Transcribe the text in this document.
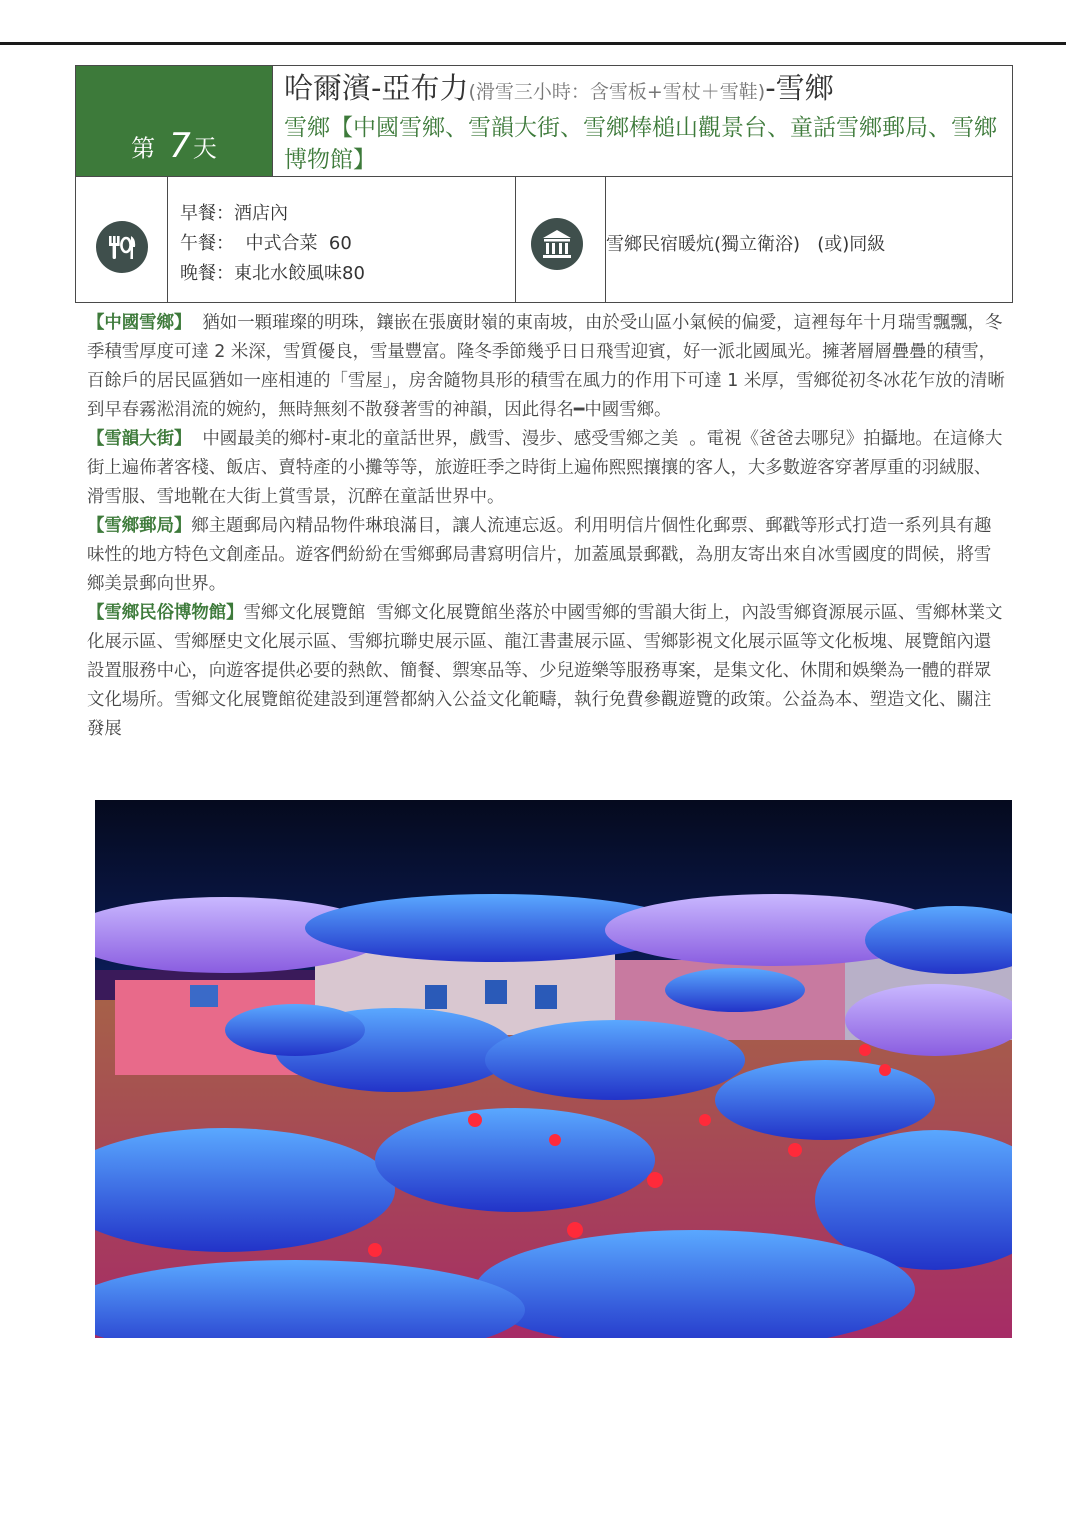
第 7天
哈爾濱-亞布力(滑雪三小時：含雪板+雪杖＋雪鞋)-雪鄉
雪鄉【中國雪鄉、雪韻大街、雪鄉棒槌山觀景台、童話雪鄉郵局、雪鄉博物館】
早餐：酒店內
午餐：  中式合菜  60
晚餐：東北水餃風味80
雪鄉民宿暖炕(獨立衛浴)   (或)同級

【中國雪鄉】  猶如一顆璀璨的明珠，鑲嵌在張廣財嶺的東南坡，由於受山區小氣候的偏愛，這裡每年十月瑞雪飄飄，冬季積雪厚度可達 2 米深，雪質優良，雪量豐富。隆冬季節幾乎日日飛雪迎賓，好一派北國風光。擁著層層疊疊的積雪，百餘戶的居民區猶如一座相連的「雪屋」，房舍隨物具形的積雪在風力的作用下可達 1 米厚，雪鄉從初冬冰花乍放的清晰到早春霧淞涓流的婉約，無時無刻不散發著雪的神韻，因此得名━中國雪鄉。

【雪韻大街】  中國最美的鄉村-東北的童話世界，戲雪、漫步、感受雪鄉之美  。電視《爸爸去哪兒》拍攝地。在這條大街上遍佈著客棧、飯店、賣特產的小攤等等，旅遊旺季之時街上遍佈熙熙攘攘的客人，大多數遊客穿著厚重的羽絨服、滑雪服、雪地靴在大街上賞雪景，沉醉在童話世界中。

【雪鄉郵局】鄉主題郵局內精品物件琳琅滿目，讓人流連忘返。利用明信片個性化郵票、郵戳等形式打造一系列具有趣味性的地方特色文創產品。遊客們紛紛在雪鄉郵局書寫明信片，加蓋風景郵戳，為朋友寄出來自冰雪國度的問候，將雪鄉美景郵向世界。

【雪鄉民俗博物館】雪鄉文化展覽館  雪鄉文化展覽館坐落於中國雪鄉的雪韻大街上，內設雪鄉資源展示區、雪鄉林業文化展示區、雪鄉歷史文化展示區、雪鄉抗聯史展示區、龍江書畫展示區、雪鄉影視文化展示區等文化板塊、展覽館內還設置服務中心，向遊客提供必要的熱飲、簡餐、禦寒品等、少兒遊樂等服務專案，是集文化、休閒和娛樂為一體的群眾文化場所。雪鄉文化展覽館從建設到運營都納入公益文化範疇，執行免費參觀遊覽的政策。公益為本、塑造文化、關注發展
